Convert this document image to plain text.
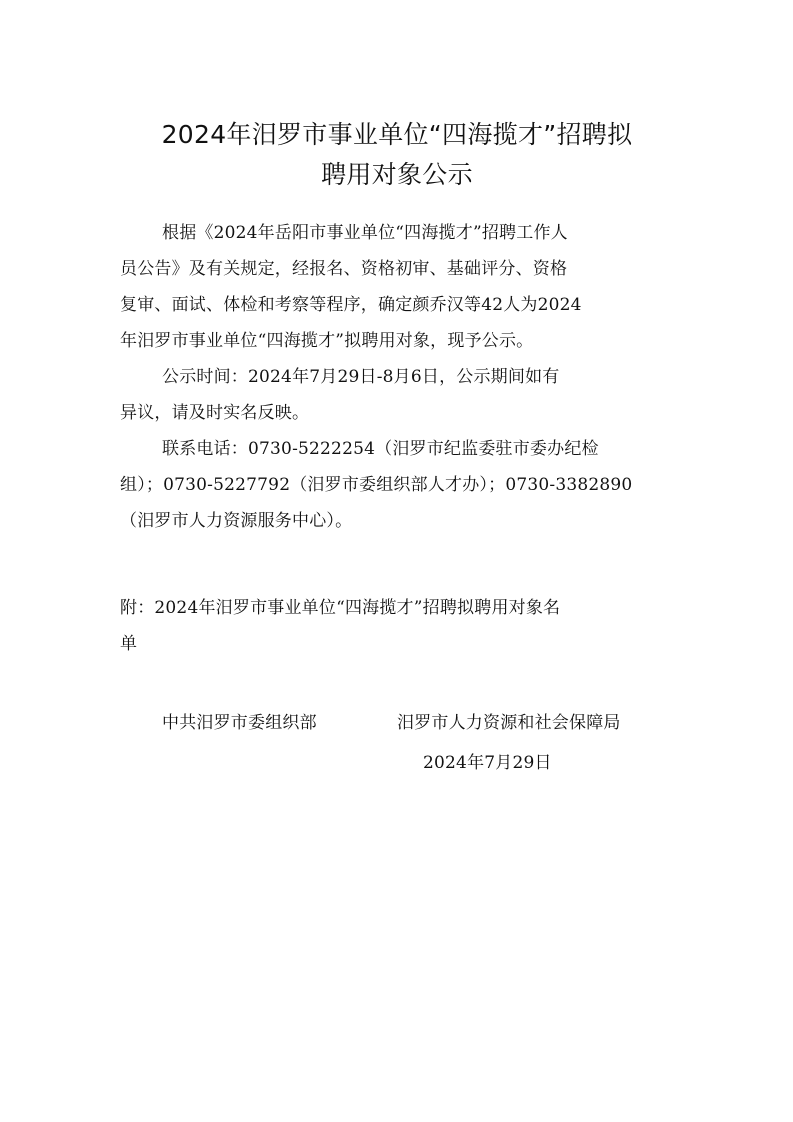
2024年汨罗市事业单位“四海揽才”招聘拟
聘用对象公示

根据《2024年岳阳市事业单位“四海揽才”招聘工作人
员公告》及有关规定，经报名、资格初审、基础评分、资格
复审、面试、体检和考察等程序，确定颜乔汉等42人为2024
年汨罗市事业单位“四海揽才”拟聘用对象，现予公示。

公示时间：2024年7月29日-8月6日，公示期间如有
异议，请及时实名反映。

联系电话：0730-5222254（汨罗市纪监委驻市委办纪检
组）；0730-5227792（汨罗市委组织部人才办）；0730-3382890
（汨罗市人力资源服务中心）。

附：2024年汨罗市事业单位“四海揽才”招聘拟聘用对象名
单
中共汨罗市委组织部	汨罗市人力资源和社会保障局
2024年7月29日
